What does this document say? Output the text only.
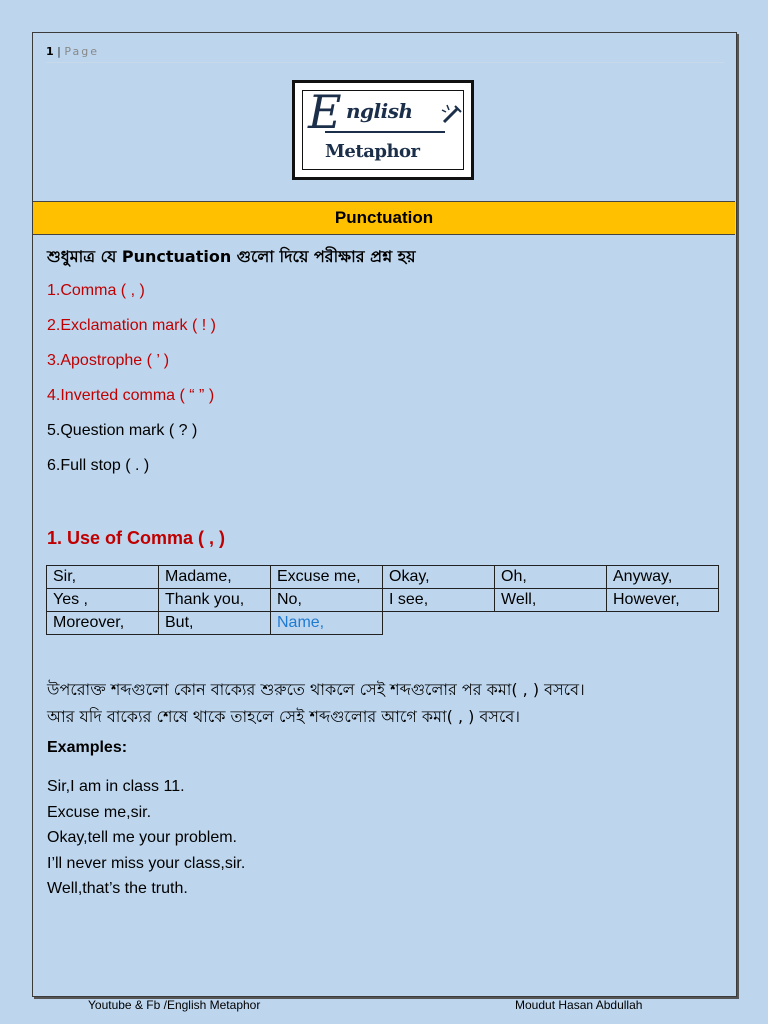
1 | Page
E nglish
Metaphor
Punctuation
শুধুমাত্র যে Punctuation গুলো দিয়ে পরীক্ষার প্রশ্ন হয়
1.Comma ( , )
2.Exclamation mark ( ! )
3.Apostrophe ( ’ )
4.Inverted comma ( “ ” )
5.Question mark ( ? )
6.Full stop ( . )
1. Use of Comma ( , )
Sir,	Madame,	Excuse me,	Okay,	Oh,	Anyway,
Yes ,	Thank you,	No,	I see,	Well,	However,
Moreover,	But,	Name,			
উপরোক্ত শব্দগুলো কোন বাক্যের শুরুতে থাকলে সেই শব্দগুলোর পর কমা( , ) বসবে।
আর যদি বাক্যের শেষে থাকে তাহলে সেই শব্দগুলোর আগে কমা( , ) বসবে।
Examples:
Sir,I am in class 11.
Excuse me,sir.
Okay,tell me your problem.
I’ll never miss your class,sir.
Well,that’s the truth.
Youtube & Fb /English Metaphor	Moudut Hasan Abdullah
